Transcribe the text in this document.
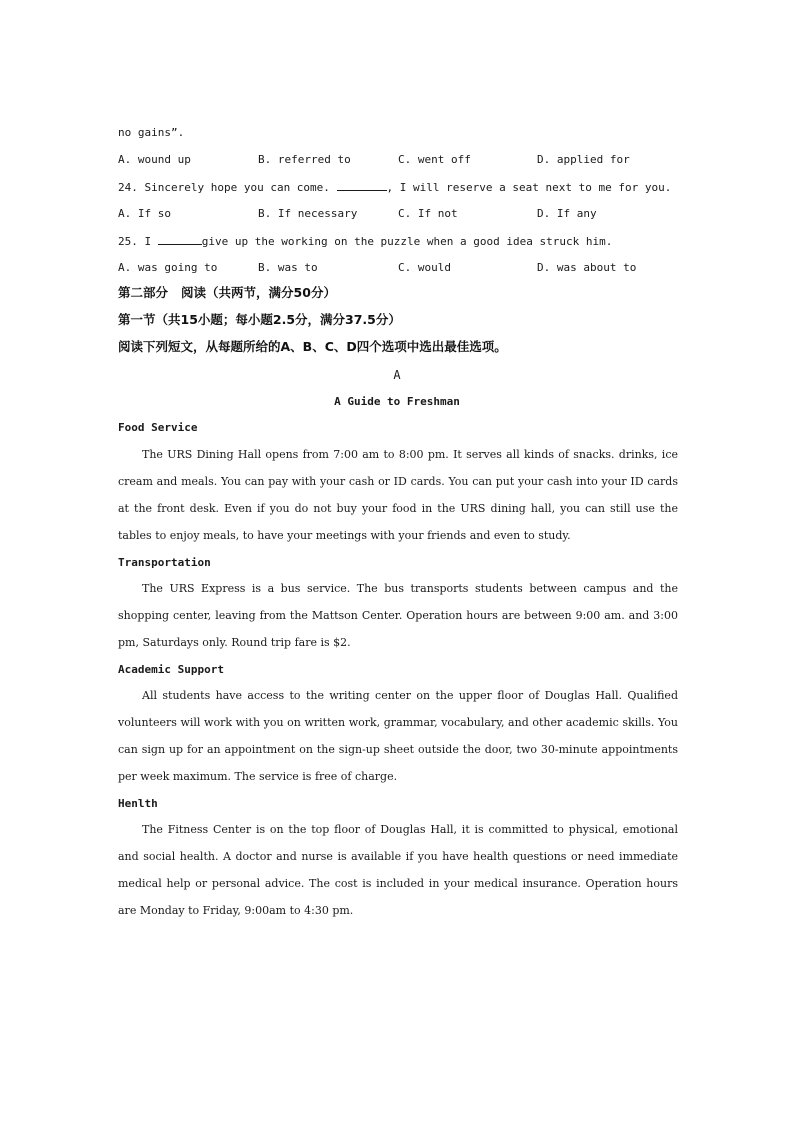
no gains”.
A. wound up	B. referred to	C. went off	D. applied for
24. Sincerely hope you can come.	, I will reserve a seat next to me for you.
A. If so	B. If necessary	C. If not	D. If any
25. I	give up the working on the puzzle when a good idea struck him.
A. was going to	B. was to	C. would	D. was about to
第二部分   阅读（共两节，满分50分）
第一节（共15小题；每小题2.5分，满分37.5分）
阅读下列短文，从每题所给的A、B、C、D四个选项中选出最佳选项。
A
A Guide to Freshman
Food Service

The URS Dining Hall opens from 7:00 am to 8:00 pm. It serves all kinds of snacks. drinks, ice cream and meals. You can pay with your cash or ID cards. You can put your cash into your ID cards at the front desk. Even if you do not buy your food in the URS dining hall, you can still use the tables to enjoy meals, to have your meetings with your friends and even to study.

Transportation

The URS Express is a bus service. The bus transports students between campus and the shopping center, leaving from the Mattson Center. Operation hours are between 9:00 am. and 3:00 pm, Saturdays only. Round trip fare is $2.

Academic Support

All students have access to the writing center on the upper floor of Douglas Hall. Qualified volunteers will work with you on written work, grammar, vocabulary, and other academic skills. You can sign up for an appointment on the sign-up sheet outside the door, two 30-minute appointments per week maximum. The service is free of charge.

Henlth

The Fitness Center is on the top floor of Douglas Hall, it is committed to physical, emotional and social health. A doctor and nurse is available if you have health questions or need immediate medical help or personal advice. The cost is included in your medical insurance. Operation hours are Monday to Friday, 9:00am to 4:30 pm.
